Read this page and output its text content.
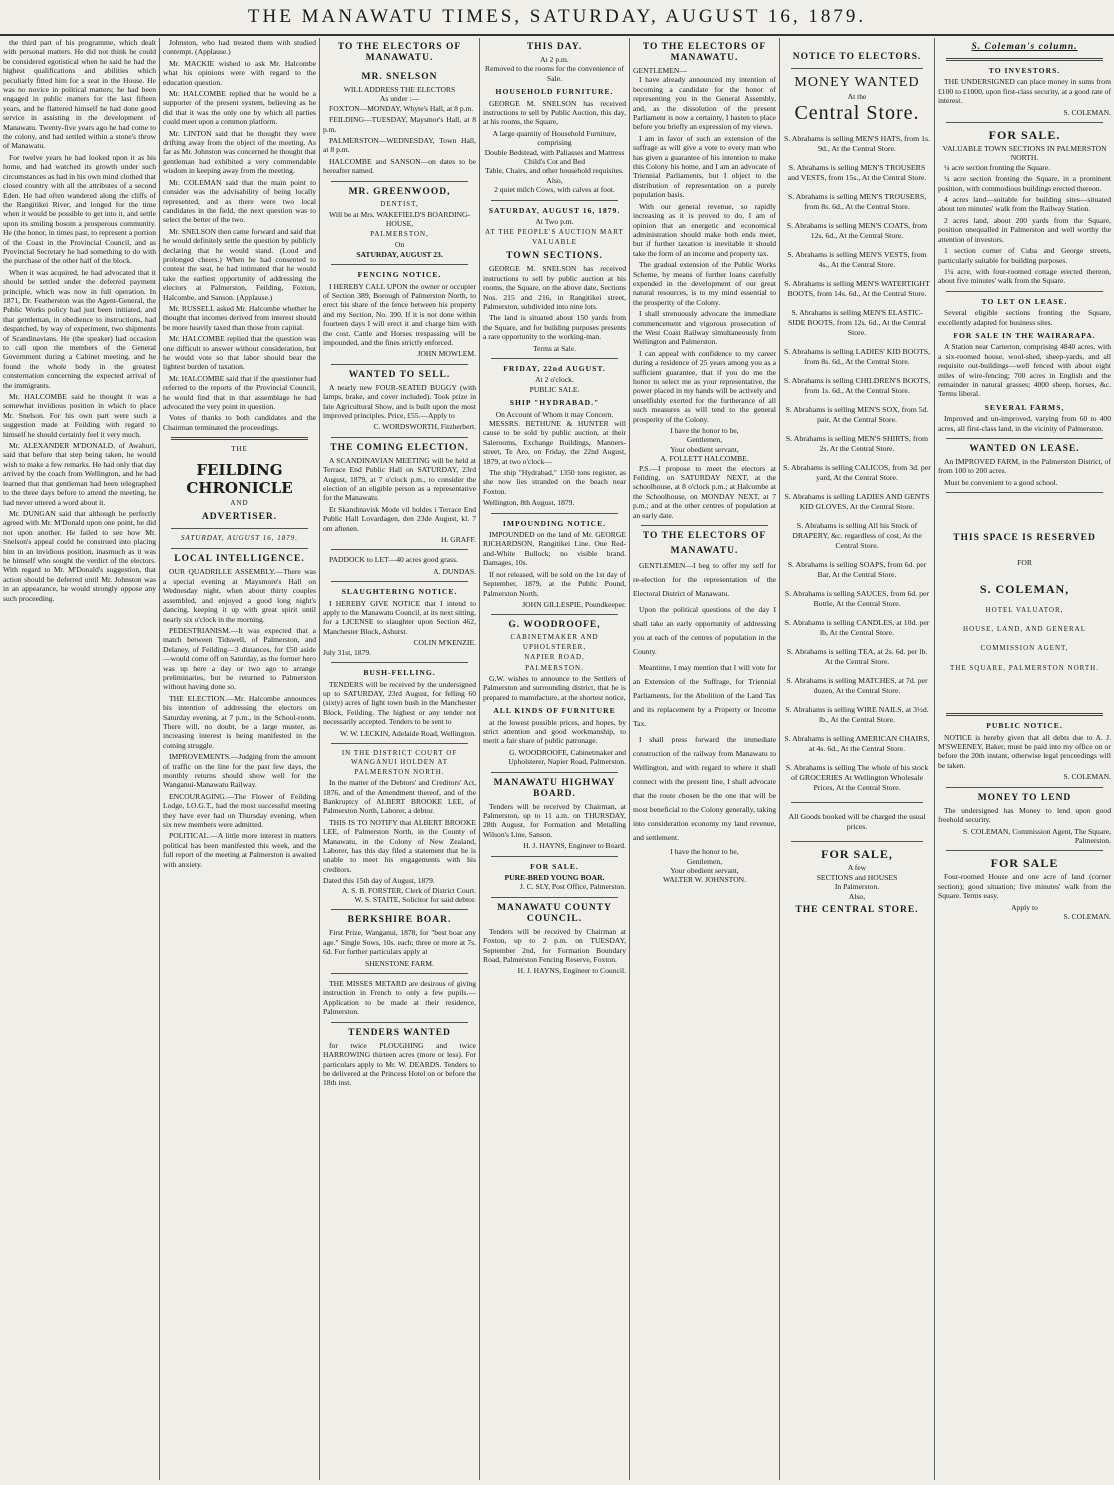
THE MANAWATU TIMES, SATURDAY, AUGUST 16, 1879.

the third part of his programme, which dealt with personal matters. He did not think he could be considered egotistical when he said he had the highest qualifications and abilities which peculiarly fitted him for a seat in the House. He was no novice in political matters; he had been engaged in public matters for the last fifteen years, and he flattered himself he had done good service in assisting in the development of Manawatu. Twenty-five years ago he had come to the colony, and had settled within a stone's throw of Manawatu.

For twelve years he had looked upon it as his home, and had watched its growth under such circumstances as had in his own mind clothed that closed country with all the attributes of a second Eden. He had often wandered along the cliffs of the Rangitikei River, and longed for the time when it would be possible to get into it, and settle upon its smiling bosom a prosperous community. He (the honor, in times past, to represent a portion of the Coast in the Provincial Council, and as Provincial Secretary he had something to do with the purchase of the other half of the block.

When it was acquired, he had advocated that it should be settled under the deferred payment principle, which was now in full operation. In 1871, Dr. Featherston was the Agent-General, the Public Works policy had just been initiated, and that gentleman, in obedience to instructions, had despatched, by way of experiment, two shipments of Scandinavians. He (the speaker) had occasion to call upon the members of the General Government during a Cabinet meeting, and he found the whole body in the greatest consternation concerning the expected arrival of the immigrants.

Mr. HALCOMBE said he thought it was a somewhat invidious position in which to place Mr. Snelson. For his own part were such a suggestion made at Feilding with regard to himself he should certainly feel it very much.

Mr. ALEXANDER M'DONALD, of Awahuri, said that before that step being taken, he would wish to make a few remarks. He had only that day arrived by the coach from Wellington, and he had learned that that gentleman had been telegraphed to the three days before to attend the meeting, he had never uttered a word about it.

Mr. DUNGAN said that although he perfectly agreed with Mr. M'Donald upon one point, he did not upon another. He failed to see how Mr. Snelson's appeal could be construed into placing him in an invidious position, inasmuch as it was he himself who sought the verdict of the electors. With regard to Mr. M'Donald's suggestion, that action should be deferred until Mr. Johnston was in an appearance, he would strongly oppose any such proceeding.

Johnston, who had treated them with studied contempt. (Applause.)

Mr. MACKIE wished to ask Mr. Halcombe what his opinions were with regard to the education question.

Mr. HALCOMBE replied that he would be a supporter of the present system, believing as he did that it was the only one by which all parties could meet upon a common platform.

Mr. LINTON said that he thought they were drifting away from the object of the meeting. As far as Mr. Johnston was concerned he thought that gentleman had exhibited a very commendable wisdom in keeping away from the meeting.

Mr. COLEMAN said that the main point to consider was the advisability of being locally represented, and as there were two local candidates in the field, the next question was to select the better of the two.

Mr. SNELSON then came forward and said that he would definitely settle the question by publicly declaring that he would stand. (Loud and prolonged cheers.) When he had consented to contest the seat, he had intimated that he would take the earliest opportunity of addressing the electors at Palmerston, Feilding, Foxton, Halcombe, and Sanson. (Applause.)

Mr. RUSSELL asked Mr. Halcombe whether he thought that incomes derived from interest should be more heavily taxed than those from capital.

Mr. HALCOMBE replied that the question was one difficult to answer without consideration, but he would vote so that labor should bear the lightest burden of taxation.

Mr. HALCOMBE said that if the questioner had referred to the reports of the Provincial Council, he would find that in that assemblage he had advocated the very point in question.

Votes of thanks to both candidates and the Chairman terminated the proceedings.

THE
FEILDING CHRONICLE
AND
ADVERTISER.
SATURDAY, AUGUST 16, 1879.
LOCAL INTELLIGENCE.

OUR QUADRILLE ASSEMBLY.—There was a special evening at Maysmore's Hall on Wednesday night, when about thirty couples assembled, and enjoyed a good long night's dancing, keeping it up with great spirit until nearly six o'clock in the morning.

PEDESTRIANISM.—It was expected that a match between Tidswell, of Palmerston, and Delaney, of Feilding—3 distances, for £50 aside—would come off on Saturday, as the former hero was up here a day or two ago to arrange preliminaries, but he returned to Palmerston without having done so.

THE ELECTION.—Mr. Halcombe announces his intention of addressing the electors on Saturday evening, at 7 p.m., in the School-room. There will, no doubt, be a large muster, as increasing interest is being manifested in the coming struggle.

IMPROVEMENTS.—Judging from the amount of traffic on the line for the past few days, the monthly returns should show well for the Wanganui-Manawatu Railway.

ENCOURAGING.—The Flower of Feilding Lodge, I.O.G.T., had the most successful meeting they have ever had on Thursday evening, when six new members were admitted.

POLITICAL.—A little more interest in matters political has been manifested this week, and the full report of the meeting at Palmerston is awaited with anxiety.

TO THE ELECTORS OF MANAWATU.
MR. SNELSON
WILL ADDRESS THE ELECTORS
As under :—

FOXTON—MONDAY, Whyte's Hall, at 8 p.m.

FEILDING—TUESDAY, Maysmor's Hall, at 8 p.m.

PALMERSTON—WEDNESDAY, Town Hall, at 8 p.m.

HALCOMBE and SANSON—on dates to be hereafter named.

MR. GREENWOOD,
DENTIST,
Will be at Mrs. WAKEFIELD'S BOARDING-HOUSE,
PALMERSTON,
On
SATURDAY, AUGUST 23.
FENCING NOTICE.

I HEREBY CALL UPON the owner or occupier of Section 389, Borough of Palmerston North, to erect his share of the fence between his property and my Section, No. 390. If it is not done within fourteen days I will erect it and charge him with the cost. Cattle and Horses trespassing will be impounded, and the fines strictly enforced.

JOHN MOWLEM.
WANTED TO SELL.

A nearly new FOUR-SEATED BUGGY (with lamps, brake, and cover included). Took prize in late Agricultural Show, and is built upon the most improved principles. Price, £55.—Apply to

C. WORDSWORTH, Fitzherbert.
THE COMING ELECTION.

A SCANDINAVIAN MEETING will be held at Terrace End Public Hall on SATURDAY, 23rd August, 1879, at 7 o'clock p.m., to consider the election of an eligible person as a representative for the Manawatu.

Et Skandinavisk Mode vil holdes i Terrace End Public Hall Lovardagen, den 23de August, kl. 7 om aftenen.

H. GRAFF.

PADDOCK to LET—40 acres good grass.

A. DUNDAS.
SLAUGHTERING NOTICE.

I HEREBY GIVE NOTICE that I intend to apply to the Manawatu Council, at its next sitting, for a LICENSE to slaughter upon Section 462, Manchester Block, Ashurst.

COLIN M'KENZIE.
July 31st, 1879.
BUSH-FELLING.

TENDERS will be received by the undersigned up to SATURDAY, 23rd August, for felling 60 (sixty) acres of light town bush in the Manchester Block, Feilding. The highest or any tender not necessarily accepted. Tenders to be sent to

W. W. LECKIN, Adelaide Road, Wellington.
IN THE DISTRICT COURT OF WANGANUI HOLDEN AT PALMERSTON NORTH.

In the matter of the Debtors' and Creditors' Act, 1876, and of the Amendment thereof, and of the Bankruptcy of ALBERT BROOKE LEE, of Palmerston North, Laborer, a debtor.

THIS IS TO NOTIFY that ALBERT BROOKE LEE, of Palmerston North, in the County of Manawatu, in the Colony of New Zealand, Laborer, has this day filed a statement that he is unable to meet his engagements with his creditors.

Dated this 15th day of August, 1879.
A. S. B. FORSTER, Clerk of District Court.
W. S. STAITE, Solicitor for said debtor.
BERKSHIRE BOAR.

First Prize, Wanganui, 1878, for "best boar any age." Single Sows, 10s. each; three or more at 7s. 6d. For further particulars apply at

SHENSTONE FARM.

THE MISSES METARD are desirous of giving instruction in French to only a few pupils.—Application to be made at their residence, Palmerston.

TENDERS WANTED

for twice PLOUGHING and twice HARROWING thirteen acres (more or less). For particulars apply to Mr. W. DEARDS. Tenders to be delivered at the Princess Hotel on or before the 18th inst.

THIS DAY.
At 2 p.m.
Removed to the rooms for the convenience of Sale.
HOUSEHOLD FURNITURE.

GEORGE M. SNELSON has received instructions to sell by Public Auction, this day, at his rooms, the Square,

A large quantity of Household Furniture, comprising
Double Bedstead, with Paliasses and Mattress
Child's Cot and Bed
Table, Chairs, and other household requisites.
Also,
2 quiet milch Cows, with calves at foot.
SATURDAY, AUGUST 16, 1879.
At Two p.m.
AT THE PEOPLE'S AUCTION MART
VALUABLE
TOWN SECTIONS.

GEORGE M. SNELSON has received instructions to sell by public auction at his rooms, the Square, on the above date, Sections Nos. 215 and 216, in Rangitikei street, Palmerston, subdivided into nine lots.

The land is situated about 150 yards from the Square, and for building purposes presents a rare opportunity to the working-man.

Terms at Sale.
FRIDAY, 22nd AUGUST.
At 2 o'clock.
PUBLIC SALE.
SHIP "HYDRABAD."
On Account of Whom it may Concern.

MESSRS. BETHUNE & HUNTER will cause to be sold by public auction, at their Salerooms, Exchange Buildings, Manners-street, Te Aro, on Friday, the 22nd August, 1879, at two o'clock—

The ship "Hydrabad," 1350 tons register, as she now lies stranded on the beach near Foxton.

Wellington, 8th August, 1879.
IMPOUNDING NOTICE.

IMPOUNDED on the land of Mr. GEORGE RICHARDSON, Rangitikei Line. One Red-and-White Bullock; no visible brand. Damages, 10s.

If not released, will be sold on the 1st day of September, 1879, at the Public Pound, Palmerston North.

JOHN GILLESPIE, Poundkeeper.
G. WOODROOFE,
CABINETMAKER AND UPHOLSTERER,
NAPIER ROAD,
PALMERSTON.

G.W. wishes to announce to the Settlers of Palmerston and surrounding district, that he is prepared to manufacture, at the shortest notice,

ALL KINDS OF FURNITURE

at the lowest possible prices, and hopes, by strict attention and good workmanship, to merit a fair share of public patronage.

G. WOODROOFE, Cabinetmaker and Upholsterer, Napier Road, Palmerston.
MANAWATU HIGHWAY BOARD.

Tenders will be received by Chairman, at Palmerston, up to 11 a.m. on THURSDAY, 28th August, for Formation and Metalling Wilson's Line, Sanson.

H. J. HAYNS, Engineer to Board.
FOR SALE.
PURE-BRED YOUNG BOAR.
J. C. SLY, Post Office, Palmerston.
MANAWATU COUNTY COUNCIL.

Tenders will be received by Chairman at Foxton, up to 2 p.m. on TUESDAY, September 2nd, for Formation Boundary Road, Palmerston Fencing Reserve, Foxton.

H. J. HAYNS, Engineer to Council.
TO THE ELECTORS OF MANAWATU.
GENTLEMEN—

I have already announced my intention of becoming a candidate for the honor of representing you in the General Assembly, and, as the dissolution of the present Parliament is now a certainty, I hasten to place before you briefly an expression of my views.

I am in favor of such an extension of the suffrage as will give a vote to every man who has given a guarantee of his intention to make this Colony his home, and I am an advocate of Triennial Parliaments, but I object to the distribution of representation on a purely population basis.

With our general revenue, so rapidly increasing as it is proved to do, I am of opinion that an energetic and economical administration should make both ends meet, but if further taxation is inevitable it should take the form of an income and property tax.

The gradual extension of the Public Works Scheme, by means of further loans carefully expended in the development of our great natural resources, is to my mind essential to the prosperity of the Colony.

I shall strenuously advocate the immediate commencement and vigorous prosecution of the West Coast Railway simultaneously from Wellington and Palmerston.

I can appeal with confidence to my career during a residence of 25 years among you as a sufficient guarantee, that if you do me the honor to select me as your representative, the power placed in my hands will be actively and unselfishly exerted for the furtherance of all such measures as will tend to the general prosperity of the Colony.

I have the honor to be,
Gentlemen,
Your obedient servant,
A. FOLLETT HALCOMBE.

P.S.—I propose to meet the electors at Feilding, on SATURDAY NEXT, at the schoolhouse, at 8 o'clock p.m.; at Halcombe at the Schoolhouse, on MONDAY NEXT, at 7 p.m.; and at the other centres of population at an early date.

TO THE ELECTORS OF
MANAWATU.

GENTLEMEN—I beg to offer my self for re-election for the representation of the Electoral District of Manawatu.

Upon the political questions of the day I shall take an early opportunity of addressing you at each of the centres of population in the County.

Meantime, I may mention that I will vote for an Extension of the Suffrage, for Triennial Parliaments, for the Abolition of the Land Tax and its replacement by a Property or Income Tax.

I shall press forward the immediate construction of the railway from Manawatu to Wellington, and with regard to where it shall connect with the present line, I shall advocate that the route chosen be the one that will be most beneficial to the Colony generally, taking into consideration economy my land revenue, and settlement.

I have the honor to be,
Gentlemen,
Your obedient servant,
WALTER W. JOHNSTON.
NOTICE TO ELECTORS.
MONEY WANTED
At the
Central Store.
S. Abrahams is selling MEN'S HATS, from 1s. 9d., At the Central Store.
S. Abrahams is selling MEN'S TROUSERS and VESTS, from 15s., At the Central Store.
S. Abrahams is selling MEN'S TROUSERS, from 8s. 6d., At the Central Store.
S. Abrahams is selling MEN'S COATS, from 12s. 6d., At the Central Store.
S. Abrahams is selling MEN'S VESTS, from 4s., At the Central Store.
S. Abrahams is selling MEN'S WATERTIGHT BOOTS, from 14s. 6d., At the Central Store.
S. Abrahams is selling MEN'S ELASTIC-SIDE BOOTS, from 12s. 6d., At the Central Store.
S. Abrahams is selling LADIES' KID BOOTS, from 8s. 6d., At the Central Store.
S. Abrahams is selling CHILDREN'S BOOTS, from 1s. 6d., At the Central Store.
S. Abrahams is selling MEN'S SOX, from 5d. pair, At the Central Store.
S. Abrahams is selling MEN'S SHIRTS, from 2s. At the Central Store.
S. Abrahams is selling CALICOS, from 3d. per yard, At the Central Store.
S. Abrahams is selling LADIES AND GENTS KID GLOVES, At the Central Store.
S. Abrahams is selling All his Stock of DRAPERY, &c. regardless of cost, At the Central Store.
S. Abrahams is selling SOAPS, from 6d. per Bar, At the Central Store.
S. Abrahams is selling SAUCES, from 6d. per Bottle, At the Central Store.
S. Abrahams is selling CANDLES, at 10d. per lb, At the Central Store.
S. Abrahams is selling TEA, at 2s. 6d. per lb. At the Central Store.
S. Abrahams is selling MATCHES, at 7d. per dozen, At the Central Store.
S. Abrahams is selling WIRE NAILS, at 3½d. lb., At the Central Store.
S. Abrahams is selling AMERICAN CHAIRS, at 4s. 6d., At the Central Store.
S. Abrahams is selling The whole of his stock of GROCERIES At Wellington Wholesale Prices, At the Central Store.
All Goods booked will be charged the usual prices.
FOR SALE,
A few
SECTIONS and HOUSES
In Palmerston.
Also,
THE CENTRAL STORE.
S. Coleman's column.
TO INVESTORS.

THE UNDERSIGNED can place money in sums from £100 to £1000, upon first-class security, at a good rate of interest.

S. COLEMAN.
FOR SALE.
VALUABLE TOWN SECTIONS IN PALMERSTON NORTH.

¼ acre section fronting the Square.

¼ acre section fronting the Square, in a prominent position, with commodious buildings erected thereon.

4 acres land—suitable for building sites—situated about ten minutes' walk from the Railway Station.

2 acres land, about 200 yards from the Square, position unequalled in Palmerston and well worthy the attention of investors.

1 section corner of Cuba and George streets, particularly suitable for building purposes.

1¼ acre, with four-roomed cottage erected thereon, about five minutes' walk from the Square.

TO LET ON LEASE.

Several eligible sections fronting the Square, excellently adapted for business sites.

FOR SALE IN THE WAIRARAPA.

A Station near Carterton, comprising 4840 acres, with a six-roomed house, wool-shed, sheep-yards, and all requisite out-buildings—well fenced with about eight miles of wire-fencing; 700 acres in English and the remainder in natural grasses; 4000 sheep, horses, &c. Terms liberal.

SEVERAL FARMS,

Improved and un-improved, varying from 60 to 400 acres, all first-class land, in the vicinity of Palmerston.

WANTED ON LEASE.

An IMPROVED FARM, in the Palmerston District, of from 100 to 200 acres.

Must be convenient to a good school.

THIS SPACE IS RESERVED
FOR
S. COLEMAN,
HOTEL VALUATOR,
HOUSE, LAND, AND GENERAL
COMMISSION AGENT,
THE SQUARE, PALMERSTON NORTH.
PUBLIC NOTICE.

NOTICE is hereby given that all debts due to A. J. M'SWEENEY, Baker, must be paid into my office on or before the 20th instant, otherwise legal proceedings will be taken.

S. COLEMAN.
MONEY TO LEND

The undersigned has Money to lend upon good freehold security.

S. COLEMAN, Commission Agent, The Square, Palmerston.
FOR SALE

Four-roomed House and one acre of land (corner section); good situation; five minutes' walk from the Square. Terms easy.

Apply to
S. COLEMAN.
